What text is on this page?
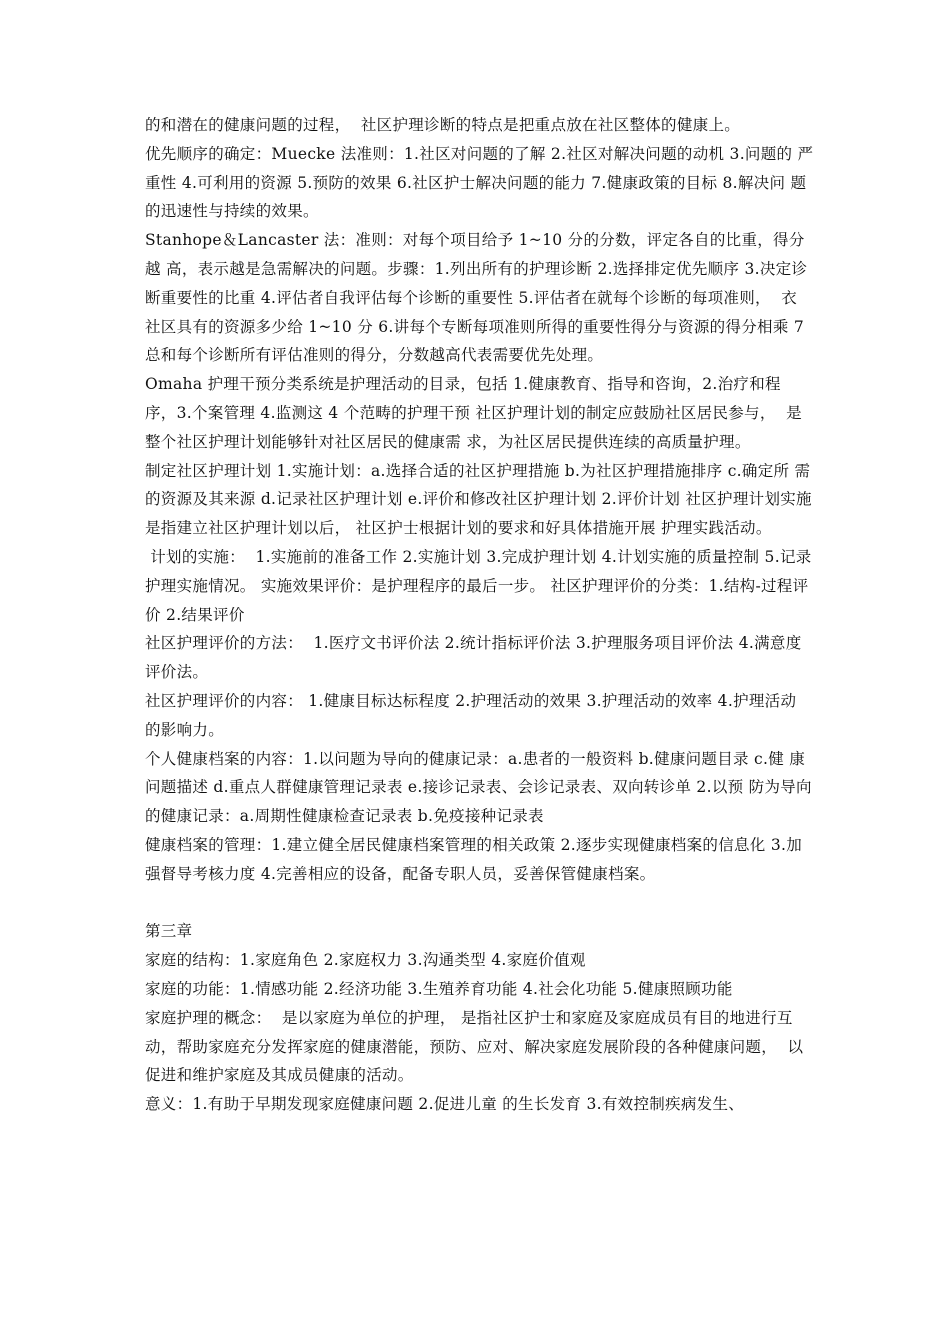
的和潜在的健康问题的过程，  社区护理诊断的特点是把重点放在社区整体的健康上。

优先顺序的确定：Muecke 法准则：1.社区对问题的了解 2.社区对解决问题的动机 3.问题的 严重性 4.可利用的资源 5.预防的效果 6.社区护士解决问题的能力 7.健康政策的目标 8.解决问 题的迅速性与持续的效果。

Stanhope＆Lancaster 法：准则：对每个项目给予 1~10 分的分数，评定各自的比重，得分越 高，表示越是急需解决的问题。步骤：1.列出所有的护理诊断 2.选择排定优先顺序 3.决定诊 断重要性的比重 4.评估者自我评估每个诊断的重要性 5.评估者在就每个诊断的每项准则，  衣 社区具有的资源多少给 1~10 分 6.讲每个专断每项准则所得的重要性得分与资源的得分相乘 7 总和每个诊断所有评估准则的得分，分数越高代表需要优先处理。

Omaha 护理干预分类系统是护理活动的目录，包括 1.健康教育、指导和咨询，2.治疗和程 序，3.个案管理 4.监测这 4 个范畴的护理干预 社区护理计划的制定应鼓励社区居民参与，  是整个社区护理计划能够针对社区居民的健康需 求，为社区居民提供连续的高质量护理。

制定社区护理计划 1.实施计划：a.选择合适的社区护理措施 b.为社区护理措施排序 c.确定所 需的资源及其来源 d.记录社区护理计划 e.评价和修改社区护理计划 2.评价计划 社区护理计划实施是指建立社区护理计划以后， 社区护士根据计划的要求和好具体措施开展 护理实践活动。

计划的实施：  1.实施前的准备工作 2.实施计划 3.完成护理计划 4.计划实施的质量控制 5.记录 护理实施情况。 实施效果评价：是护理程序的最后一步。 社区护理评价的分类：1.结构-过程评价 2.结果评价

社区护理评价的方法：  1.医疗文书评价法 2.统计指标评价法 3.护理服务项目评价法 4.满意度 评价法。

社区护理评价的内容： 1.健康目标达标程度 2.护理活动的效果 3.护理活动的效率 4.护理活动 的影响力。

个人健康档案的内容：1.以问题为导向的健康记录：a.患者的一般资料 b.健康问题目录 c.健 康问题描述 d.重点人群健康管理记录表 e.接诊记录表、会诊记录表、双向转诊单 2.以预 防为导向的健康记录：a.周期性健康检查记录表 b.免疫接种记录表

健康档案的管理：1.建立健全居民健康档案管理的相关政策 2.逐步实现健康档案的信息化 3.加强督导考核力度 4.完善相应的设备，配备专职人员，妥善保管健康档案。

第三章

家庭的结构：1.家庭角色 2.家庭权力 3.沟通类型 4.家庭价值观

家庭的功能：1.情感功能 2.经济功能 3.生殖养育功能 4.社会化功能 5.健康照顾功能

家庭护理的概念：  是以家庭为单位的护理， 是指社区护士和家庭及家庭成员有目的地进行互 动，帮助家庭充分发挥家庭的健康潜能，预防、应对、解决家庭发展阶段的各种健康问题，  以促进和维护家庭及其成员健康的活动。

意义：1.有助于早期发现家庭健康问题 2.促进儿童 的生长发育 3.有效控制疾病发生、
